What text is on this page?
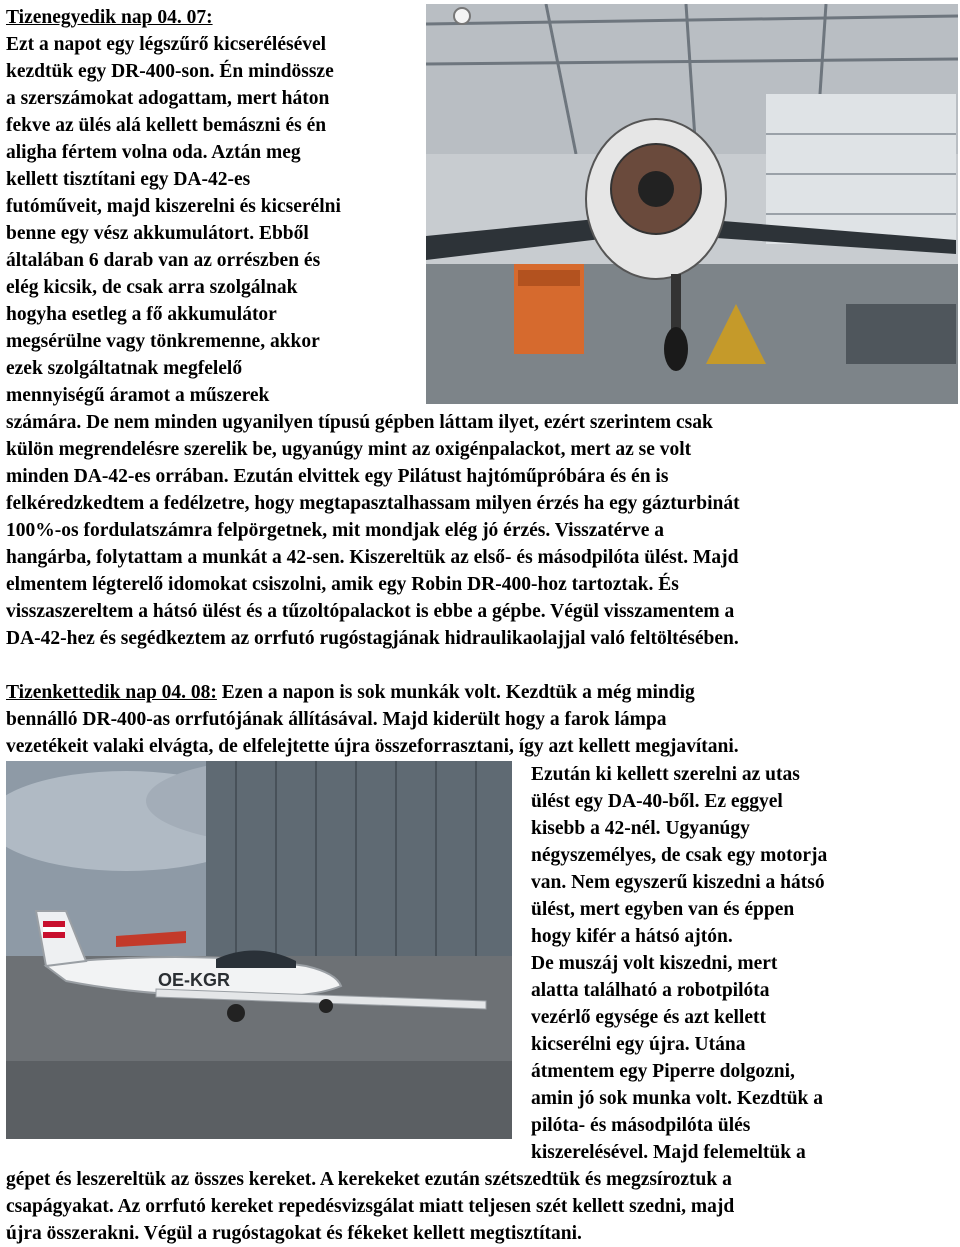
OE-KGR
Tizenegyedik nap 04. 07:
Ezt a napot egy légszűrő kicserélésével
kezdtük egy DR-400-son. Én mindössze
a szerszámokat adogattam, mert háton
fekve az ülés alá kellett bemászni és én
aligha fértem volna oda. Aztán meg
kellett tisztítani egy DA-42-es
futóműveit, majd kiszerelni és kicserélni
benne egy vész akkumulátort. Ebből
általában 6 darab van az orrészben és
elég kicsik, de csak arra szolgálnak
hogyha esetleg a fő akkumulátor
megsérülne vagy tönkremenne, akkor
ezek szolgáltatnak megfelelő
mennyiségű áramot a műszerek
számára. De nem minden ugyanilyen típusú gépben láttam ilyet, ezért szerintem csak
külön megrendelésre szerelik be, ugyanúgy mint az oxigénpalackot, mert az se volt
minden DA-42-es orrában. Ezután elvittek egy Pilátust hajtóműpróbára és én is
felkéredzkedtem a fedélzetre, hogy megtapasztalhassam milyen érzés ha egy gázturbinát
100%-os fordulatszámra felpörgetnek, mit mondjak elég jó érzés. Visszatérve a
hangárba, folytattam a munkát a 42-sen. Kiszereltük az első- és másodpilóta ülést. Majd
elmentem légterelő idomokat csiszolni, amik egy Robin DR-400-hoz tartoztak. És
visszaszereltem a hátsó ülést és a tűzoltópalackot is ebbe a gépbe. Végül visszamentem a
DA-42-hez és segédkeztem az orrfutó rugóstagjának hidraulikaolajjal való feltöltésében.
Tizenkettedik nap 04. 08: Ezen a napon is sok munkák volt. Kezdtük a még mindig
bennálló DR-400-as orrfutójának állításával. Majd kiderült hogy a farok lámpa
vezetékeit valaki elvágta, de elfelejtette újra összeforrasztani, így azt kellett megjavítani.
Ezután ki kellett szerelni az utas
ülést egy DA-40-ből. Ez eggyel
kisebb a 42-nél. Ugyanúgy
négyszemélyes, de csak egy motorja
van. Nem egyszerű kiszedni a hátsó
ülést, mert egyben van és éppen
hogy kifér a hátsó ajtón.
De muszáj volt kiszedni, mert
alatta található a robotpilóta
vezérlő egysége és azt kellett
kicserélni egy újra. Utána
átmentem egy Piperre dolgozni,
amin jó sok munka volt. Kezdtük a
pilóta- és másodpilóta ülés
kiszerelésével. Majd felemeltük a
gépet és leszereltük az összes kereket. A kerekeket ezután szétszedtük és megzsíroztuk a
csapágyakat. Az orrfutó kereket repedésvizsgálat miatt teljesen szét kellett szedni, majd
újra összerakni. Végül a rugóstagokat és fékeket kellett megtisztítani.
